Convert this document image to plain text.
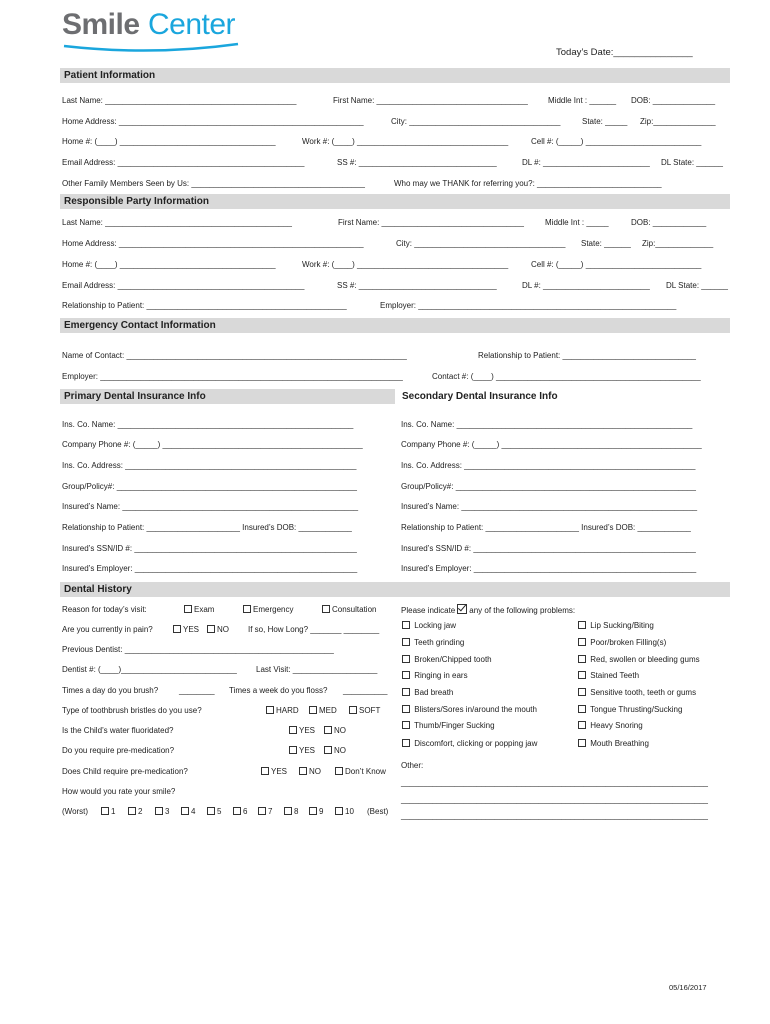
Smile Center
Today’s Date:_______________
Patient Information
Last Name: ___________________________________________	First Name: __________________________________	Middle Int : ______ DOB: ______________
Home Address: _______________________________________________________	City: __________________________________	State: _____ Zip:______________
Home #: (____) ___________________________________	Work #: (____) __________________________________	Cell #: (_____) __________________________
Email Address: __________________________________________	SS #: _______________________________	DL #: ________________________ DL State: ______
Other Family Members Seen by Us: _______________________________________	Who may we THANK for referring you?: ____________________________
Responsible Party Information
Last Name: __________________________________________	First Name: ________________________________	Middle Int : _____	DOB: ____________
Home Address: _______________________________________________________	City: __________________________________ State: ______ Zip:_____________
Home #: (____) ___________________________________	Work #: (____) __________________________________	Cell #: (_____) __________________________
Email Address: __________________________________________	SS #: _______________________________	DL #: ________________________ DL State: ______
Relationship to Patient: _____________________________________________	Employer: __________________________________________________________
Emergency Contact Information
Name of Contact: _______________________________________________________________	Relationship to Patient: ______________________________
Employer: ____________________________________________________________________	Contact #: (____) ______________________________________________
Primary Dental Insurance Info	Secondary Dental Insurance Info
Ins. Co. Name: _____________________________________________________
Company Phone #: (_____) _____________________________________________
Ins. Co. Address: ____________________________________________________
Group/Policy#: ______________________________________________________
Insured’s Name: _____________________________________________________
Relationship to Patient: _____________________ Insured’s DOB: ____________
Insured’s SSN/ID #: __________________________________________________
Insured’s Employer: __________________________________________________
Ins. Co. Name: _____________________________________________________
Company Phone #: (_____) _____________________________________________
Ins. Co. Address: ____________________________________________________
Group/Policy#: ______________________________________________________
Insured’s Name: _____________________________________________________
Relationship to Patient: _____________________ Insured’s DOB: ____________
Insured’s SSN/ID #: __________________________________________________
Insured’s Employer: __________________________________________________
Dental History
Reason for today’s visit:	Exam	Emergency	Consultation
Are you currently in pain?	YES	NO If so, How Long? _______ ________
Previous Dentist: _______________________________________________
Dentist #: (____)__________________________ Last Visit: ___________________
Times a day do you brush?	________ Times a week do you floss? __________
Type of toothbrush bristles do you use?	HARD	MED	SOFT
Is the Child’s water fluoridated?	YES	NO
Do you require pre-medication?	YES	NO
Does Child require pre-medication?	YES	NO	Don’t Know
How would you rate your smile?
(Worst)	1	2	3	4	5	6	7	8	9	10 (Best)
Please indicate any of the following problems:
Locking jaw
Teeth grinding
Broken/Chipped tooth
Ringing in ears
Bad breath
Blisters/Sores in/around the mouth
Thumb/Finger Sucking
Discomfort, clicking or popping jaw
Lip Sucking/Biting
Poor/broken Filling(s)
Red, swollen or bleeding gums
Stained Teeth
Sensitive tooth, teeth or gums
Tongue Thrusting/Sucking
Heavy Snoring
Mouth Breathing
Other:
_____________________________________________________________________
_____________________________________________________________________
_____________________________________________________________________
05/16/2017
